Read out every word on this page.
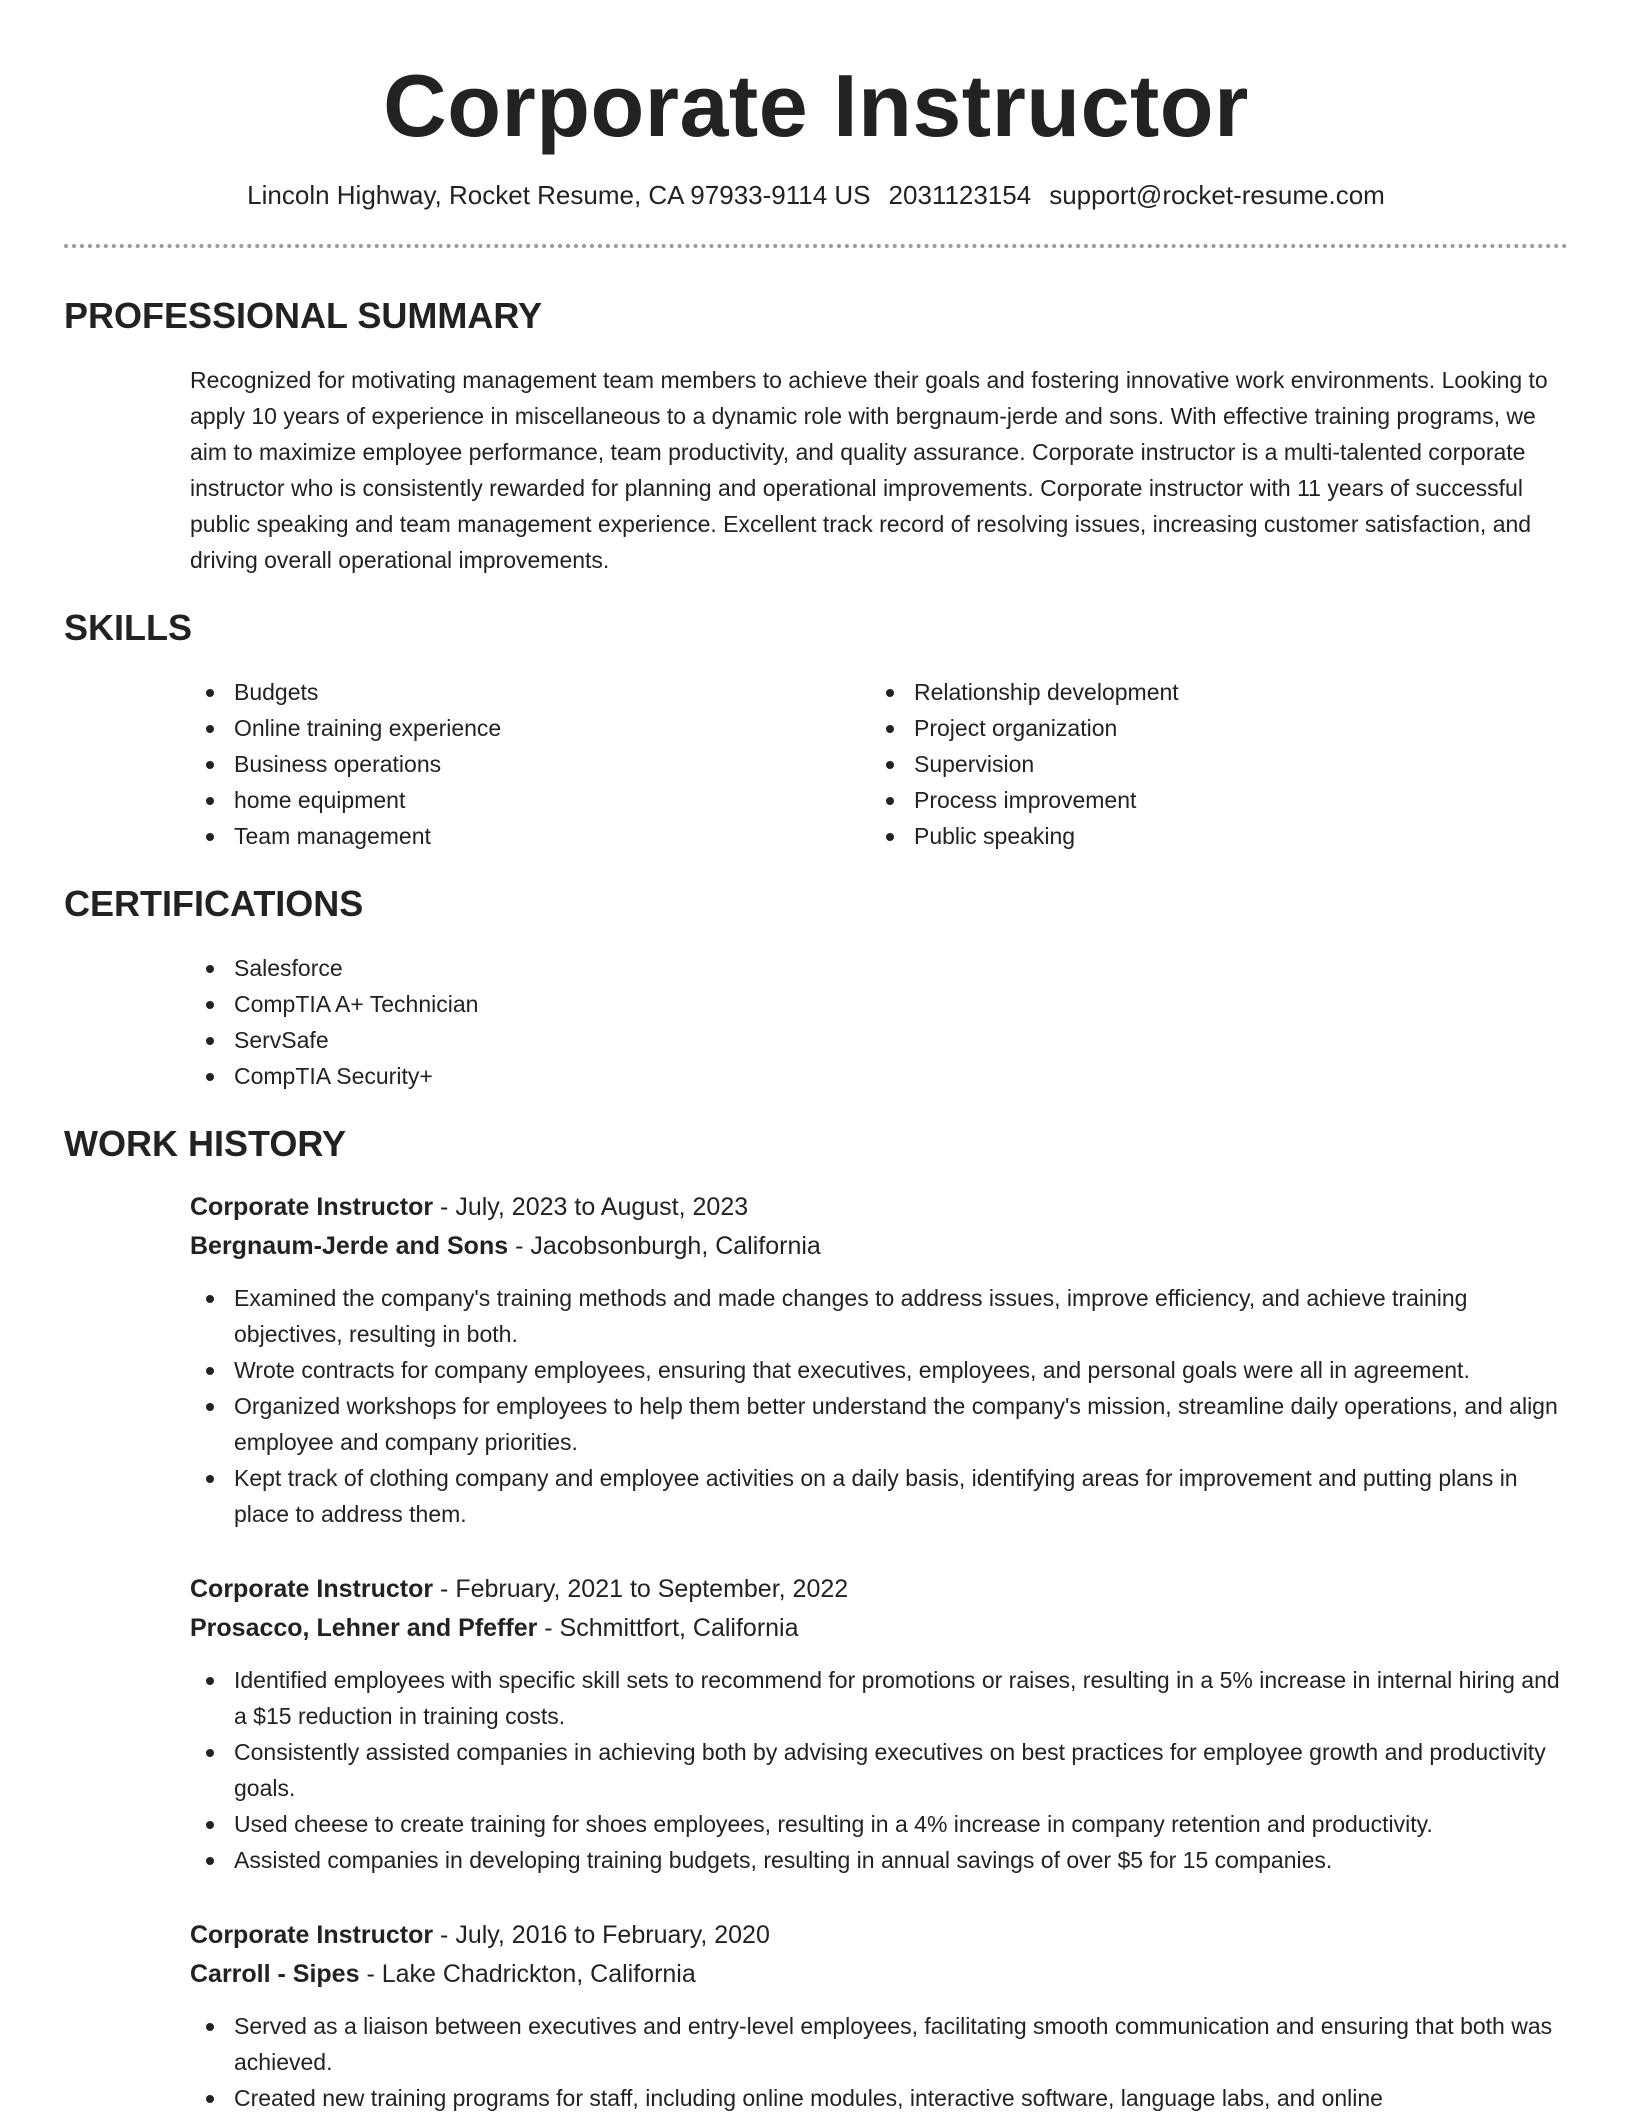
Corporate Instructor
Lincoln Highway, Rocket Resume, CA 97933-9114 US 2031123154 support@rocket-resume.com
PROFESSIONAL SUMMARY

Recognized for motivating management team members to achieve their goals and fostering innovative work environments. Looking to apply 10 years of experience in miscellaneous to a dynamic role with bergnaum-jerde and sons. With effective training programs, we aim to maximize employee performance, team productivity, and quality assurance. Corporate instructor is a multi-talented corporate instructor who is consistently rewarded for planning and operational improvements. Corporate instructor with 11 years of successful public speaking and team management experience. Excellent track record of resolving issues, increasing customer satisfaction, and driving overall operational improvements.

SKILLS
Budgets
Online training experience
Business operations
home equipment
Team management
Relationship development
Project organization
Supervision
Process improvement
Public speaking
CERTIFICATIONS
Salesforce
CompTIA A+ Technician
ServSafe
CompTIA Security+
WORK HISTORY
Corporate Instructor - July, 2023 to August, 2023
Bergnaum-Jerde and Sons - Jacobsonburgh, California
Examined the company's training methods and made changes to address issues, improve efficiency, and achieve training objectives, resulting in both.
Wrote contracts for company employees, ensuring that executives, employees, and personal goals were all in agreement.
Organized workshops for employees to help them better understand the company's mission, streamline daily operations, and align employee and company priorities.
Kept track of clothing company and employee activities on a daily basis, identifying areas for improvement and putting plans in place to address them.
Corporate Instructor - February, 2021 to September, 2022
Prosacco, Lehner and Pfeffer - Schmittfort, California
Identified employees with specific skill sets to recommend for promotions or raises, resulting in a 5% increase in internal hiring and a $15 reduction in training costs.
Consistently assisted companies in achieving both by advising executives on best practices for employee growth and productivity goals.
Used cheese to create training for shoes employees, resulting in a 4% increase in company retention and productivity.
Assisted companies in developing training budgets, resulting in annual savings of over $5 for 15 companies.
Corporate Instructor - July, 2016 to February, 2020
Carroll - Sipes - Lake Chadrickton, California
Served as a liaison between executives and entry-level employees, facilitating smooth communication and ensuring that both was achieved.
Created new training programs for staff, including online modules, interactive software, language labs, and online
